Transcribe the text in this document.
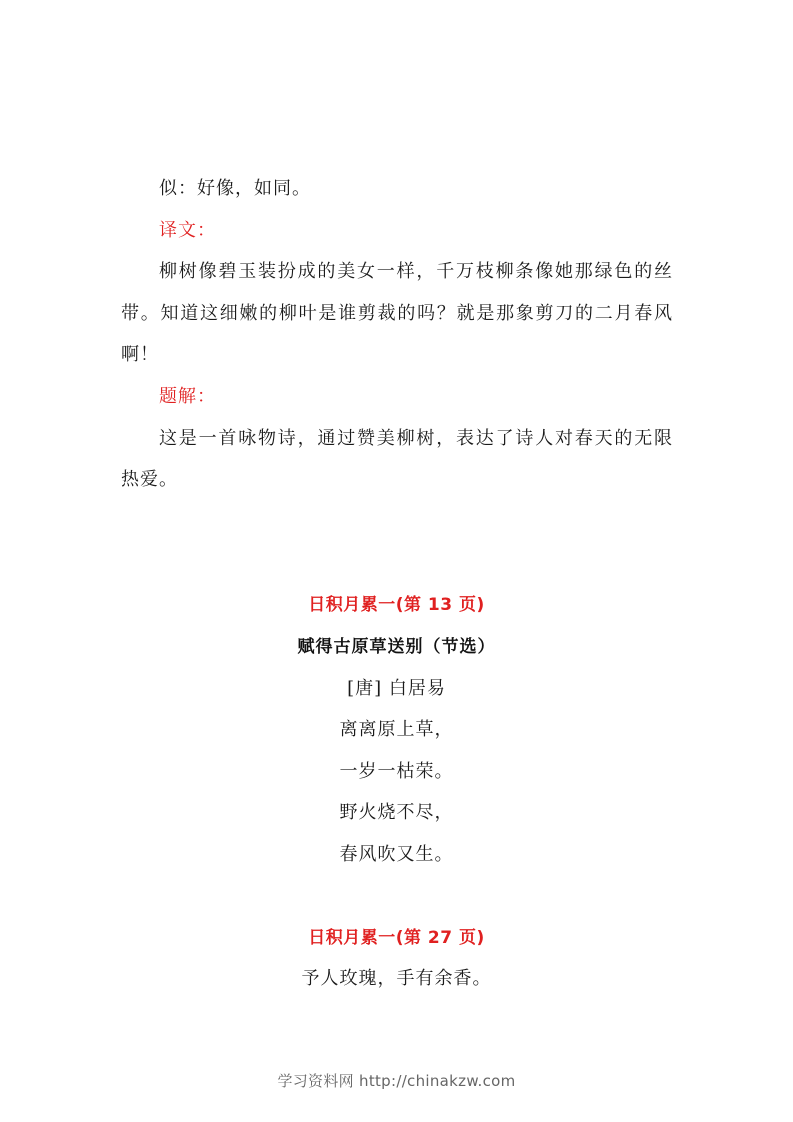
似：好像，如同。
译文：
柳树像碧玉装扮成的美女一样，千万枝柳条像她那绿色的丝
带。知道这细嫩的柳叶是谁剪裁的吗？就是那象剪刀的二月春风
啊！
题解：
这是一首咏物诗，通过赞美柳树，表达了诗人对春天的无限
热爱。
日积月累一(第 13 页)
赋得古原草送别（节选）
[唐] 白居易
离离原上草，
一岁一枯荣。
野火烧不尽，
春风吹又生。
日积月累一(第 27 页)
予人玫瑰，手有余香。
学习资料网 http://chinakzw.com
